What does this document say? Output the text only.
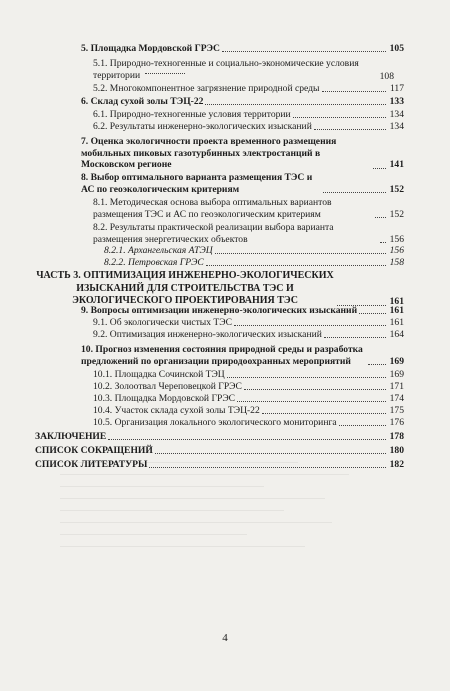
5. Площадка Мордовской ГРЭС	105
5.1. Природно-техногенные и социально-экономические условия территории	108
5.2. Многокомпонентное загрязнение природной среды	117
6. Склад сухой золы ТЭЦ-22	133
6.1. Природно-техногенные условия территории	134
6.2. Результаты инженерно-экологических изысканий	134
7. Оценка экологичности проекта временного размещения мобильных пиковых газотурбинных электростанций в Московском регионе	141
8. Выбор оптимального варианта размещения ТЭС и АС по геоэкологическим критериям	152
8.1. Методическая основа выбора оптимальных вариантов размещения ТЭС и АС по геоэкологическим критериям	152
8.2. Результаты практической реализации выбора варианта размещения энергетических объектов	156
8.2.1. Архангельская АТЭЦ	156
8.2.2. Петровская ГРЭС	158
ЧАСТЬ 3. ОПТИМИЗАЦИЯ ИНЖЕНЕРНО-ЭКОЛОГИЧЕСКИХ ИЗЫСКАНИЙ ДЛЯ СТРОИТЕЛЬСТВА ТЭС И ЭКОЛОГИЧЕСКОГО ПРОЕКТИРОВАНИЯ ТЭС	161
9. Вопросы оптимизации инженерно-экологических изысканий	161
9.1. Об экологически чистых ТЭС	161
9.2. Оптимизация инженерно-экологических изысканий	164
10. Прогноз изменения состояния природной среды и разработка предложений по организации природоохранных мероприятий	169
10.1. Площадка Сочинской ТЭЦ	169
10.2. Золоотвал Череповецкой ГРЭС	171
10.3. Площадка Мордовской ГРЭС	174
10.4. Участок склада сухой золы ТЭЦ-22	175
10.5. Организация локального экологического мониторинга	176
ЗАКЛЮЧЕНИЕ	178
СПИСОК СОКРАЩЕНИЙ	180
СПИСОК ЛИТЕРАТУРЫ	182
4
